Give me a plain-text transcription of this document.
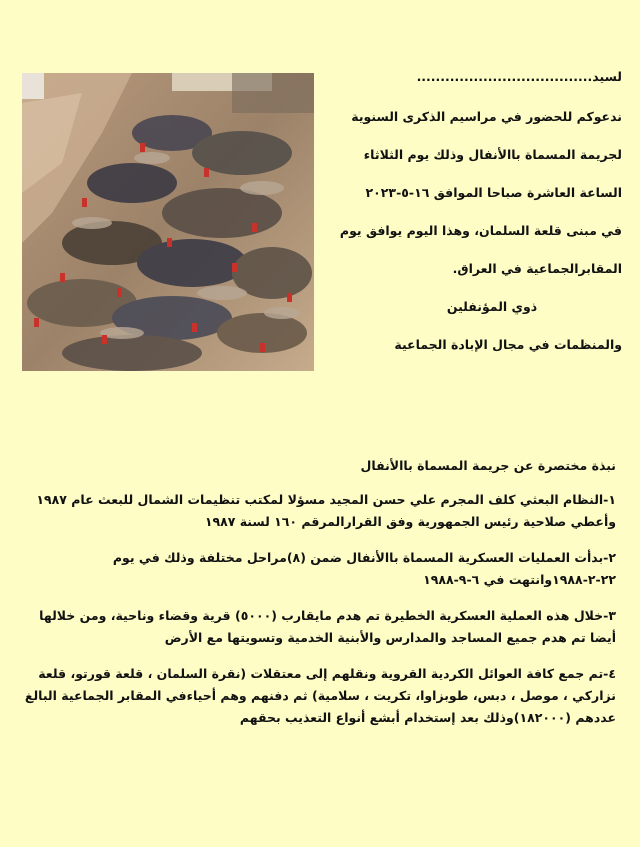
لسيد.....................................

ندعوكم للحضور في مراسيم الذكرى السنوية

لجريمة المسماة باالأنفال وذلك يوم الثلاثاء

الساعة العاشرة صباحا الموافق ١٦-٥-٢٠٢٣

في مبنى قلعة السلمان، وهذا اليوم يوافق يوم

المقابرالجماعية في العراق.

ذوي المؤنفلين

والمنظمات في مجال الإبادة الجماعية

نبذة مختصرة عن جريمة المسماة باالأنفال

١-النظام البعثي كلف المجرم علي حسن المجيد مسؤلا لمكتب تنظيمات الشمال للبعث عام ١٩٨٧ وأعطي صلاحية رئيس الجمهورية وفق القرارالمرقم ١٦٠ لسنة ١٩٨٧

٢-بدأت العمليات العسكرية المسماة باالأنفال ضمن (٨)مراحل مختلفة وذلك في يوم ٢٢-٢-١٩٨٨وانتهت في ٦-٩-١٩٨٨

٣-خلال هذه العملية العسكرية الخطيرة تم هدم مايقارب (٥٠٠٠) قرية وقضاء وناحية، ومن خلالها أيضا تم هدم جميع المساجد والمدارس والأبنية الخدمية وتسويتها مع الأرض

٤-تم جمع كافة العوائل الكردية القروية ونقلهم إلى معتقلات (نقرة السلمان ، قلعة قورتو، قلعة نزاركي ، موصل ، دبس، طوبزاوا، تكريت ، سلامية) ثم دفنهم وهم أحياءفي المقابر الجماعية البالغ عددهم (١٨٢٠٠٠)وذلك بعد إستخدام أبشع أنواع التعذيب بحقهم
